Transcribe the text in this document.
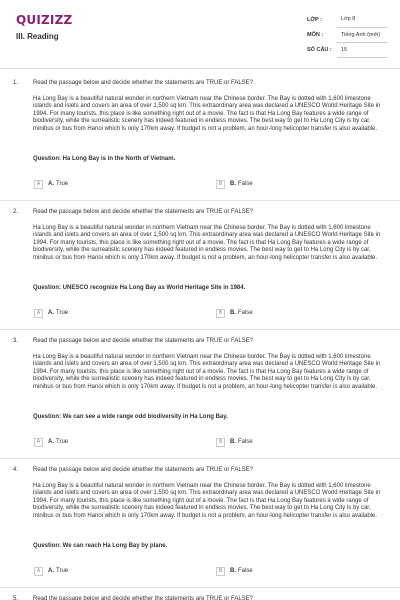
QUIZIZZ
III. Reading
LỚP :	Lớp 8
MÔN :	Tiếng Anh (mới)
SỐ CÂU :	15
1. Read the passage below and decide whether the statements are TRUE or FALSE?
Ha Long Bay is a beautiful natural wonder in northern Vietnam near the Chinese border. The Bay is dotted with 1,600 limestone islands and islets and covers an area of over 1,500 sq km. This extraordinary area was declared a UNESCO World Heritage Site in 1994. For many tourists, this place is like something right out of a movie. The fact is that Ha Long Bay features a wide range of biodiversity, while the surrealistic scenery has indeed featured in endless movies. The best way to get to Ha Long City is by car, minibus or bus from Hanoi which is only 170km away. If budget is not a problem, an hour-long helicopter transfer is also available.
Question: Ha Long Bay is in the North of Vietnam.
A	A. True	B	B. False
2. Read the passage below and decide whether the statements are TRUE or FALSE?
Ha Long Bay is a beautiful natural wonder in northern Vietnam near the Chinese border. The Bay is dotted with 1,600 limestone islands and islets and covers an area of over 1,500 sq km. This extraordinary area was declared a UNESCO World Heritage Site in 1994. For many tourists, this place is like something right out of a movie. The fact is that Ha Long Bay features a wide range of biodiversity, while the surrealistic scenery has indeed featured in endless movies. The best way to get to Ha Long City is by car, minibus or bus from Hanoi which is only 170km away. If budget is not a problem, an hour-long helicopter transfer is also available.
Question: UNESCO recognize Ha Long Bay as World Heritage Site in 1984.
A	A. True	B	B. False
3. Read the passage below and decide whether the statements are TRUE or FALSE?
Ha Long Bay is a beautiful natural wonder in northern Vietnam near the Chinese border. The Bay is dotted with 1,600 limestone islands and islets and covers an area of over 1,500 sq km. This extraordinary area was declared a UNESCO World Heritage Site in 1994. For many tourists, this place is like something right out of a movie. The fact is that Ha Long Bay features a wide range of biodiversity, while the surrealistic scenery has indeed featured in endless movies. The best way to get to Ha Long City is by car, minibus or bus from Hanoi which is only 170km away. If budget is not a problem, an hour-long helicopter transfer is also available.
Question: We can see a wide range odd biodiversity in Ha Long Bay.
A	A. True	B	B. False
4. Read the passage below and decide whether the statements are TRUE or FALSE?
Ha Long Bay is a beautiful natural wonder in northern Vietnam near the Chinese border. The Bay is dotted with 1,600 limestone islands and islets and covers an area of over 1,500 sq km. This extraordinary area was declared a UNESCO World Heritage Site in 1994. For many tourists, this place is like something right out of a movie. The fact is that Ha Long Bay features a wide range of biodiversity, while the surrealistic scenery has indeed featured in endless movies. The best way to get to Ha Long City is by car, minibus or bus from Hanoi which is only 170km away. If budget is not a problem, an hour-long helicopter transfer is also available.
Question: We can reach Ha Long Bay by plane.
A	A. True	B	B. False
5. Read the passage below and decide whether the statements are TRUE or FALSE?
